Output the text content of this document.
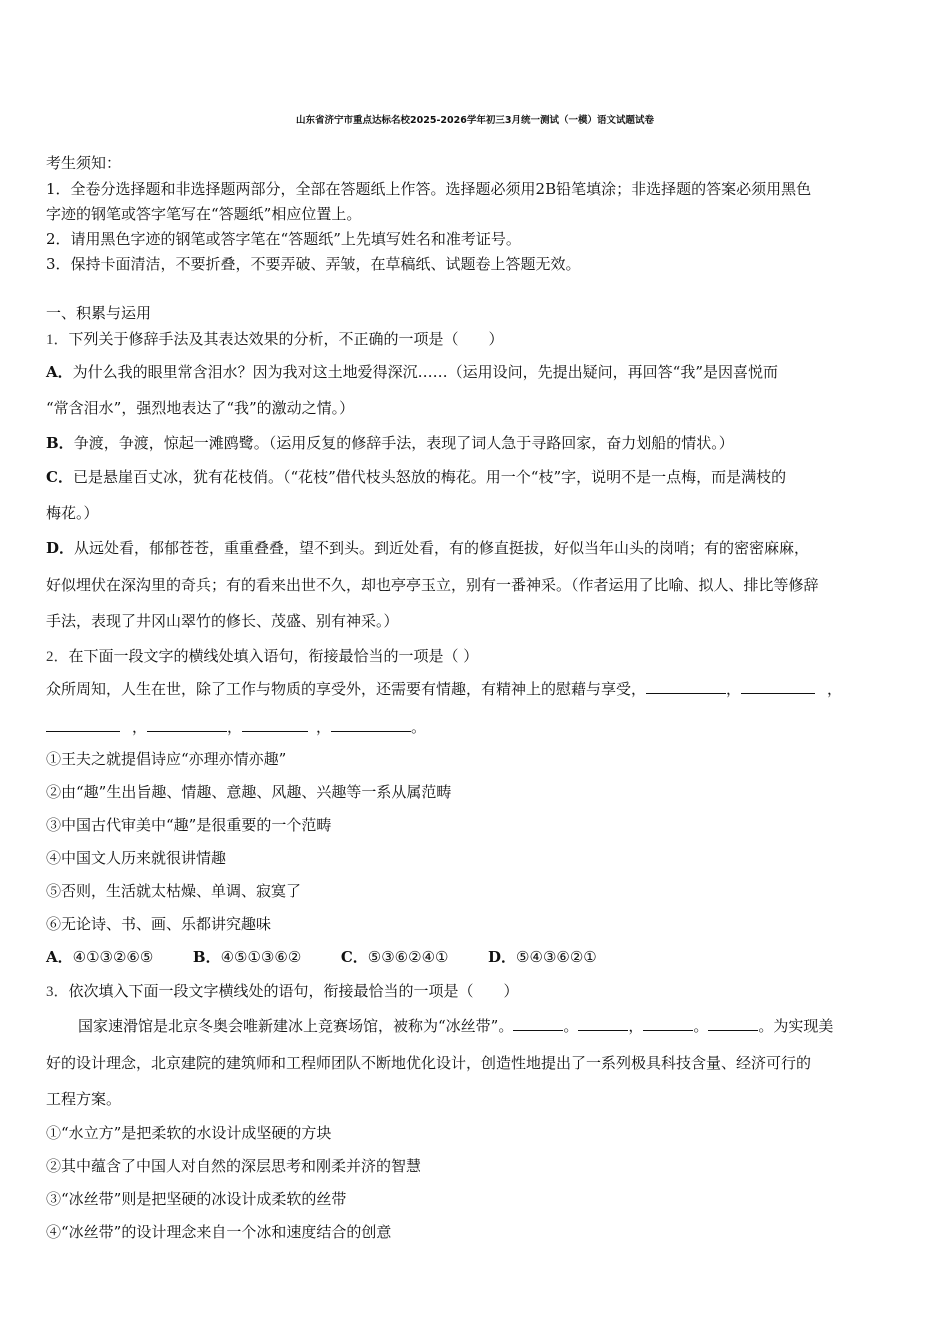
山东省济宁市重点达标名校2025-2026学年初三3月统一测试（一模）语文试题试卷
考生须知：
1．全卷分选择题和非选择题两部分，全部在答题纸上作答。选择题必须用2B铅笔填涂；非选择题的答案必须用黑色
字迹的钢笔或答字笔写在“答题纸”相应位置上。
2．请用黑色字迹的钢笔或答字笔在“答题纸”上先填写姓名和准考证号。
3．保持卡面清洁，不要折叠，不要弄破、弄皱，在草稿纸、试题卷上答题无效。
一、积累与运用
1．下列关于修辞手法及其表达效果的分析，不正确的一项是（　　）
A．为什么我的眼里常含泪水？因为我对这土地爱得深沉……（运用设问，先提出疑问，再回答“我”是因喜悦而
“常含泪水”，强烈地表达了“我”的激动之情。）
B．争渡，争渡，惊起一滩鸥鹭。（运用反复的修辞手法，表现了词人急于寻路回家，奋力划船的情状。）
C．已是悬崖百丈冰，犹有花枝俏。（“花枝”借代枝头怒放的梅花。用一个“枝”字，说明不是一点梅，而是满枝的
梅花。）
D．从远处看，郁郁苍苍，重重叠叠，望不到头。到近处看，有的修直挺拔，好似当年山头的岗哨；有的密密麻麻，
好似埋伏在深沟里的奇兵；有的看来出世不久，却也亭亭玉立，别有一番神采。（作者运用了比喻、拟人、排比等修辞
手法，表现了井冈山翠竹的修长、茂盛、别有神采。）
2．在下面一段文字的横线处填入语句，衔接最恰当的一项是（ ）
众所周知，人生在世，除了工作与物质的享受外，还需要有情趣，有精神上的慰藉与享受，	，	，
，	，	，	。
①王夫之就提倡诗应“亦理亦情亦趣”
②由“趣”生出旨趣、情趣、意趣、风趣、兴趣等一系从属范畴
③中国古代审美中“趣”是很重要的一个范畴
④中国文人历来就很讲情趣
⑤否则，生活就太枯燥、单调、寂寞了
⑥无论诗、书、画、乐都讲究趣味
A．④①③②⑥⑤	B．④⑤①③⑥②	C．⑤③⑥②④①	D．⑤④③⑥②①
3．依次填入下面一段文字横线处的语句，衔接最恰当的一项是（　　）
国家速滑馆是北京冬奥会唯新建冰上竞赛场馆，被称为“冰丝带”。	。	，	。	。为实现美
好的设计理念，北京建院的建筑师和工程师团队不断地优化设计，创造性地提出了一系列极具科技含量、经济可行的
工程方案。
①“水立方”是把柔软的水设计成坚硬的方块
②其中蕴含了中国人对自然的深层思考和刚柔并济的智慧
③“冰丝带”则是把坚硬的冰设计成柔软的丝带
④“冰丝带”的设计理念来自一个冰和速度结合的创意
